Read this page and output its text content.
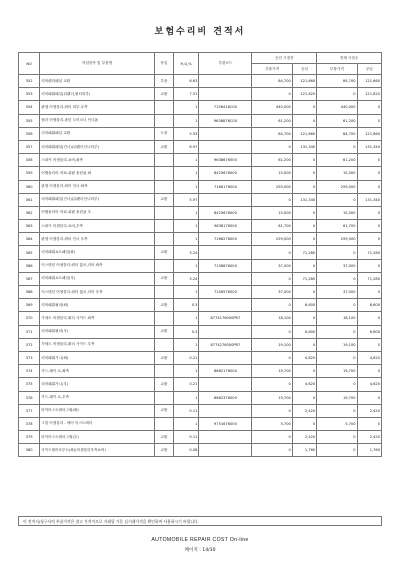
보험수리비 견적서
NO	작업항목 및 부품명	작업	H,Q,%	부품코드	승인 시점전		현재 시점주	
					부품가격	공임	부품가격	공임
352	리어펜더패널 교환	부품	6.63		84,700	121,660	84,700	121,660
353	리어패뷔패널(뒤펜더,쿼터외부)	교환	7.51		0	121,620	0	121,620
354	판넬 어셈블리-쿼터 외부-우측		1	7156416C00	440,000	0	440,000	0
355	씰러 어셈블리-솔린 도어코너 인너폼		1	9638876C00	61,200	0	61,200	0
356	리어패뷔패널 교환	도장	5.53		84,700	121,660	84,700	121,660
357	리어패뷔패널(인너)(뒤펜더인너외부)	교환	6.97		0	131,340	0	131,340
358	스퍼커 어셈블리-쇼버,좌측		1	9638676500	61,200	0	61,200	0
359	어댑솔리어 어퍼-쉬펜 솔런폼 좌		1	8429676000	15,000	0	15,000	0
360	판넬 어셈블리-쿼터 인너 좌측		1	7166176000	259,000	0	259,000	0
361	리어패뷔패널(인너)(뒤펜더인너외부)	교환	5.97		0	131,340	0	131,340
362	어댑솔리어 어퍼-쉬펜 솔런폼 우		1	8429676000	15,000	0	15,000	0
363	스퍼커 어셈블리-쇼버,우측		1	9638176500	61,700	0	61,700	0
364	판넬 어셈블리-쿼터 인너 우측		1	7166276000	259,000	0	259,000	0
365	리어패뷔쇼트패널(좌)	교환	3.24		0	71,280	0	71,280
366	익스텐션 어셈블리-쿼터 휠코,리어 좌측		1	7156876000	37,000	0	37,000	0
367	리어패뷔쇼트패널(우)	교환	3.24		0	71,280	0	71,280
368	익스텐션 어셈블리-쿼터 휠코,리어 우측		1	7156576000	37,000	0	37,000	0
369	리어패뷔필러(좌)	교환	0.3		0	6,600	0	6,600
370	가세트 어셈블리-휘터 사이드 좌측		1	8774176000PR7	18,100	0	18,100	0
371	리어패뷔필러(우)	교환	0.3		0	6,600	0	6,600
372	가세트 어셈블리-휘터 사이드 우측		1	8774276000PR7	19,100	0	19,100	0
373	리어패뷔가니(좌)	교환	0.21		0	4,620	0	4,620
374	가드-레이 로,좌측		1	8662176000	19,700	0	19,700	0
375	리어패뷔가니(우)	교환	0.21		0	4,620	0	4,620
376	가드-레이 로,우측		1	8662376000	19,700	0	19,700	0
377	라이어스트쿼터그립(좌)	교환	0.11		0	2,420	0	2,420
378	그릴 어셈블리 - 에어 익스트랙터		1	9751676000	5,700	0	5,700	0
379	라이어스트쿼터그립(우)	교환	0.11		0	2,420	0	2,420
380	사이드씰어포부트(좌)(어셈블리우측쇼버)	교환	0.08		0	1,760	0	1,760
이 견적서/청구서의 부품가격은 참고 가격이므로 거래될 가운 실거래가격을 확인하여 사용하시기 바랍니다.
AUTOMOBILE REPAIR COST On-line
페이지 : 14/30
